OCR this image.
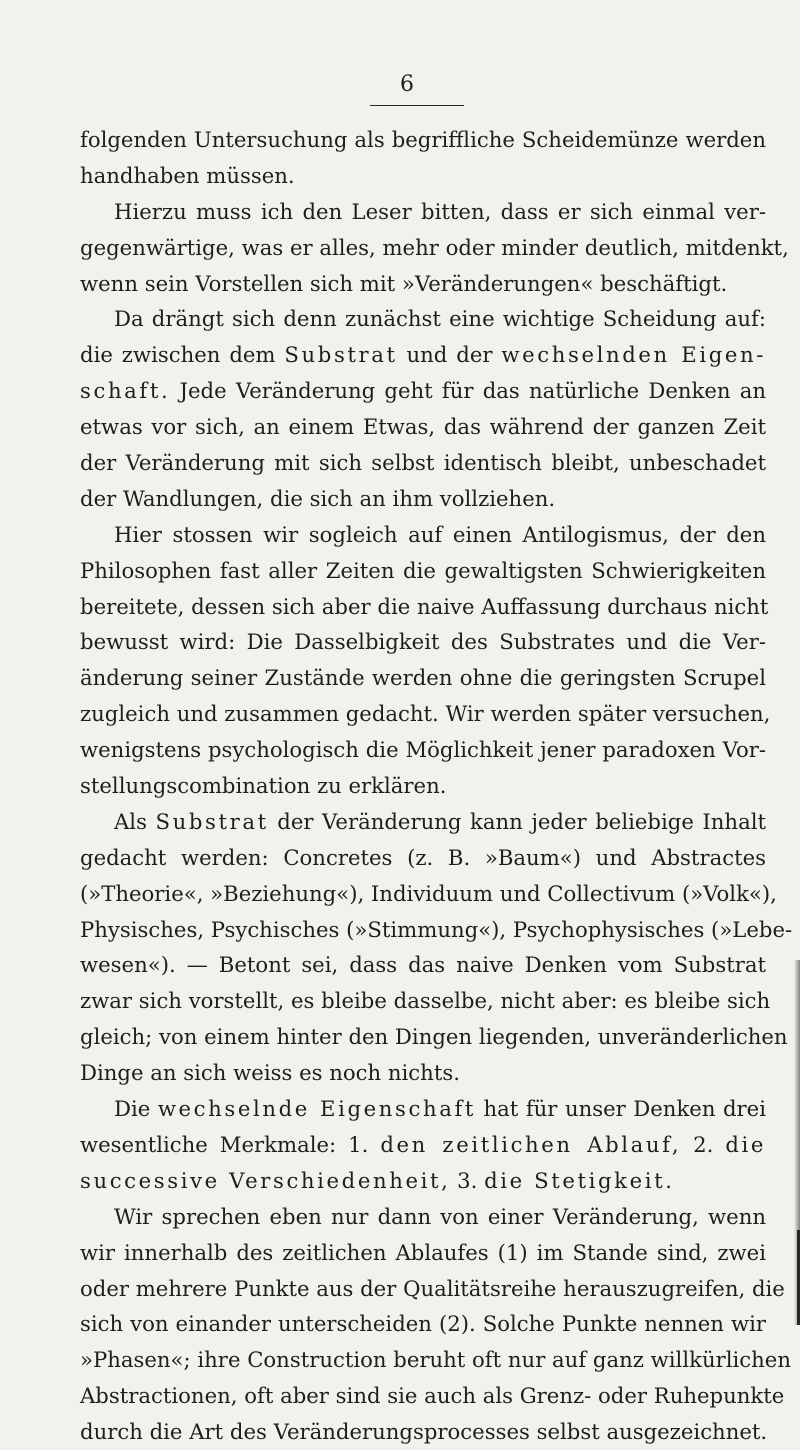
6
folgenden Untersuchung als begriffliche Scheidemünze werden
handhaben müssen.
Hierzu muss ich den Leser bitten, dass er sich einmal ver-
gegenwärtige, was er alles, mehr oder minder deutlich, mitdenkt,
wenn sein Vorstellen sich mit »Veränderungen« beschäftigt.
Da drängt sich denn zunächst eine wichtige Scheidung auf:
die zwischen dem Substrat und der wechselnden Eigen-
schaft. Jede Veränderung geht für das natürliche Denken an
etwas vor sich, an einem Etwas, das während der ganzen Zeit
der Veränderung mit sich selbst identisch bleibt, unbeschadet
der Wandlungen, die sich an ihm vollziehen.
Hier stossen wir sogleich auf einen Antilogismus, der den
Philosophen fast aller Zeiten die gewaltigsten Schwierigkeiten
bereitete, dessen sich aber die naive Auffassung durchaus nicht
bewusst wird: Die Dasselbigkeit des Substrates und die Ver-
änderung seiner Zustände werden ohne die geringsten Scrupel
zugleich und zusammen gedacht. Wir werden später versuchen,
wenigstens psychologisch die Möglichkeit jener paradoxen Vor-
stellungscombination zu erklären.
Als Substrat der Veränderung kann jeder beliebige Inhalt
gedacht werden: Concretes (z. B. »Baum«) und Abstractes
(»Theorie«, »Beziehung«), Individuum und Collectivum (»Volk«),
Physisches, Psychisches (»Stimmung«), Psychophysisches (»Lebe-
wesen«). — Betont sei, dass das naive Denken vom Substrat
zwar sich vorstellt, es bleibe dasselbe, nicht aber: es bleibe sich
gleich; von einem hinter den Dingen liegenden, unveränderlichen
Dinge an sich weiss es noch nichts.
Die wechselnde Eigenschaft hat für unser Denken drei
wesentliche Merkmale: 1. den zeitlichen Ablauf, 2. die
successive Verschiedenheit, 3. die Stetigkeit.
Wir sprechen eben nur dann von einer Veränderung, wenn
wir innerhalb des zeitlichen Ablaufes (1) im Stande sind, zwei
oder mehrere Punkte aus der Qualitätsreihe herauszugreifen, die
sich von einander unterscheiden (2). Solche Punkte nennen wir
»Phasen«; ihre Construction beruht oft nur auf ganz willkürlichen
Abstractionen, oft aber sind sie auch als Grenz- oder Ruhepunkte
durch die Art des Veränderungsprocesses selbst ausgezeichnet.
